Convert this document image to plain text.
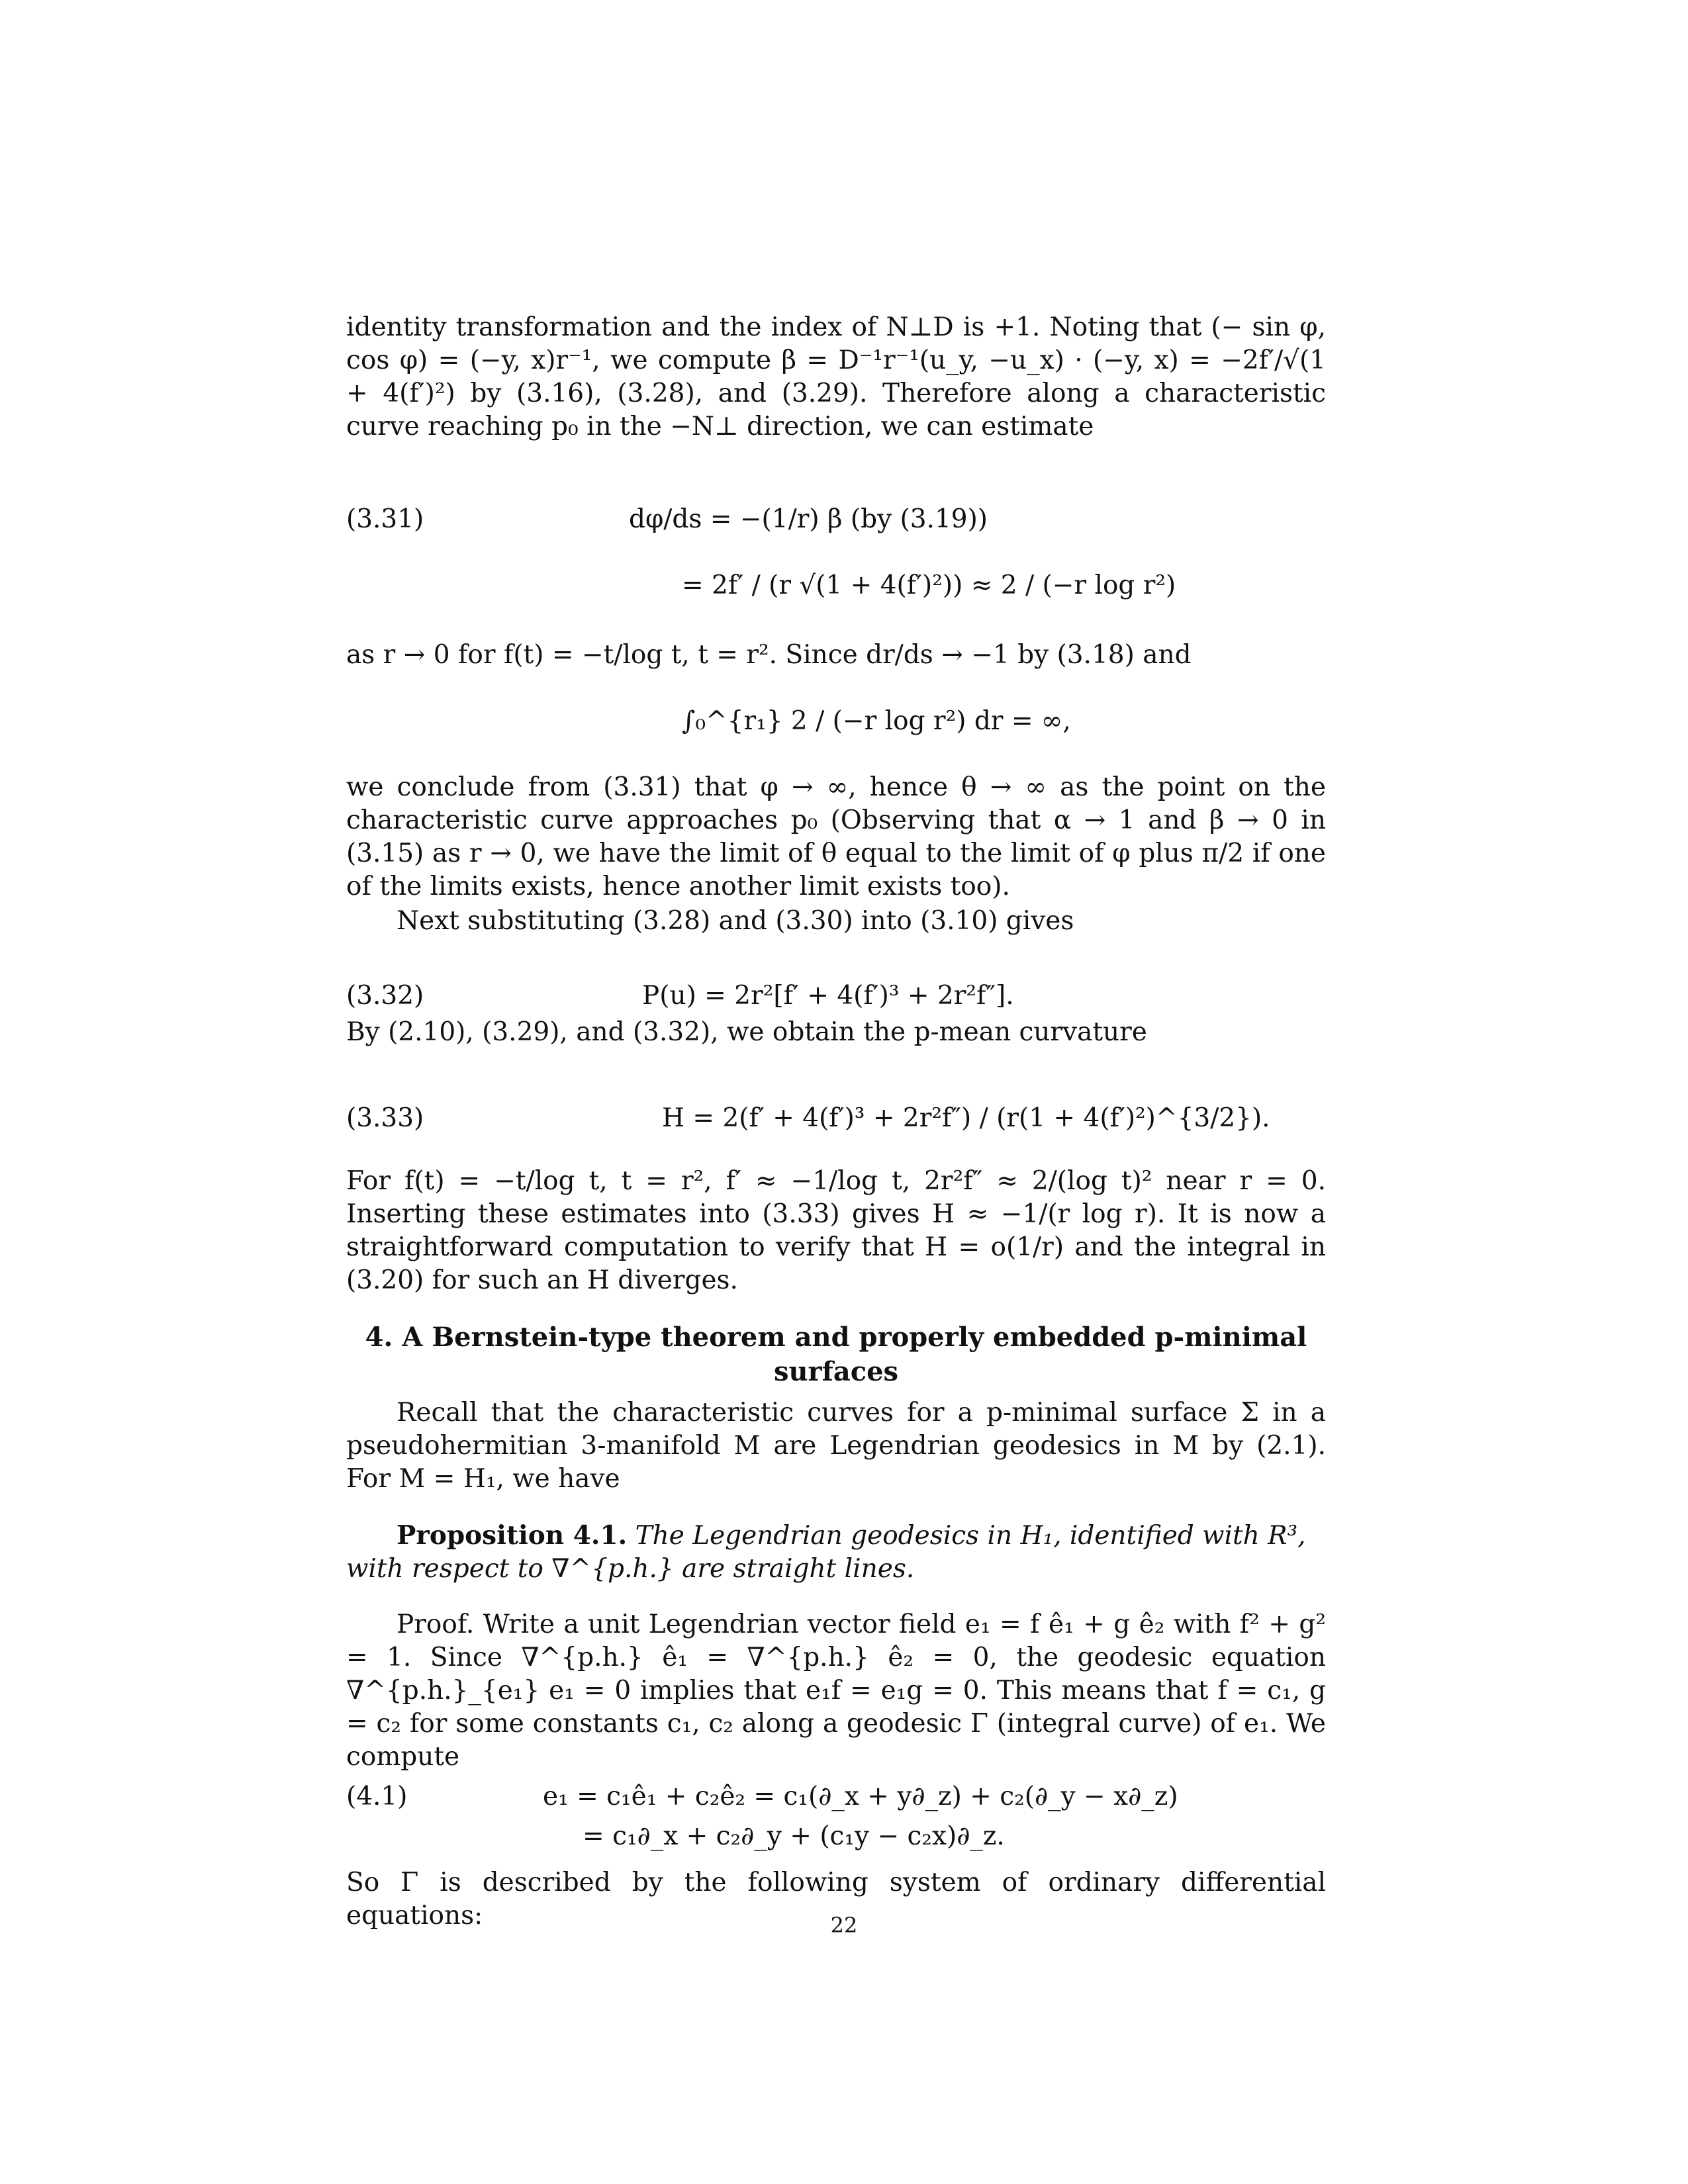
identity transformation and the index of N⊥D is +1. Noting that (− sin φ, cos φ) = (−y, x)r⁻¹, we compute β = D⁻¹r⁻¹(u_y, −u_x) · (−y, x) = −2f′/√(1 + 4(f′)²) by (3.16), (3.28), and (3.29). Therefore along a characteristic curve reaching p₀ in the −N⊥ direction, we can estimate

(3.31)	dφ/ds = −(1/r) β (by (3.19))
= 2f′ / (r √(1 + 4(f′)²)) ≈ 2 / (−r log r²)

as r → 0 for f(t) = −t/log t, t = r². Since dr/ds → −1 by (3.18) and

∫₀^{r₁} 2 / (−r log r²) dr = ∞,

we conclude from (3.31) that φ → ∞, hence θ → ∞ as the point on the characteristic curve approaches p₀ (Observing that α → 1 and β → 0 in (3.15) as r → 0, we have the limit of θ equal to the limit of φ plus π/2 if one of the limits exists, hence another limit exists too).

Next substituting (3.28) and (3.30) into (3.10) gives

(3.32)	P(u) = 2r²[f′ + 4(f′)³ + 2r²f″].

By (2.10), (3.29), and (3.32), we obtain the p-mean curvature

(3.33)	H = 2(f′ + 4(f′)³ + 2r²f″) / (r(1 + 4(f′)²)^{3/2}).

For f(t) = −t/log t, t = r², f′ ≈ −1/log t, 2r²f″ ≈ 2/(log t)² near r = 0. Inserting these estimates into (3.33) gives H ≈ −1/(r log r). It is now a straightforward computation to verify that H = o(1/r) and the integral in (3.20) for such an H diverges.

4. A Bernstein-type theorem and properly embedded p-minimal surfaces

Recall that the characteristic curves for a p-minimal surface Σ in a pseudohermitian 3-manifold M are Legendrian geodesics in M by (2.1). For M = H₁, we have

Proposition 4.1. The Legendrian geodesics in H₁, identified with R³, with respect to ∇^{p.h.} are straight lines.

Proof. Write a unit Legendrian vector field e₁ = f ê₁ + g ê₂ with f² + g² = 1. Since ∇^{p.h.} ê₁ = ∇^{p.h.} ê₂ = 0, the geodesic equation ∇^{p.h.}_{e₁} e₁ = 0 implies that e₁f = e₁g = 0. This means that f = c₁, g = c₂ for some constants c₁, c₂ along a geodesic Γ (integral curve) of e₁. We compute

(4.1)	e₁ = c₁ê₁ + c₂ê₂ = c₁(∂_x + y∂_z) + c₂(∂_y − x∂_z)
= c₁∂_x + c₂∂_y + (c₁y − c₂x)∂_z.

So Γ is described by the following system of ordinary differential equations:	22
